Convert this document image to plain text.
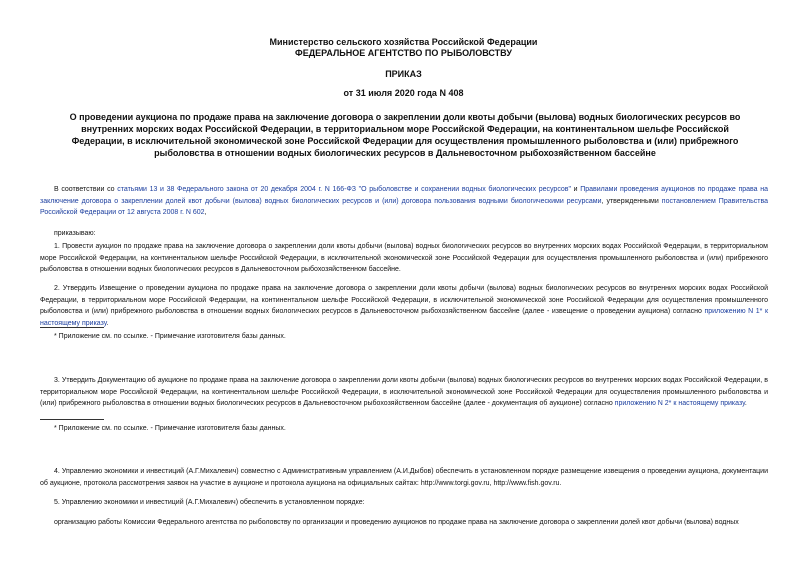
Министерство сельского хозяйства Российской Федерации
ФЕДЕРАЛЬНОЕ АГЕНТСТВО ПО РЫБОЛОВСТВУ
ПРИКАЗ
от 31 июля 2020 года N 408
О проведении аукциона по продаже права на заключение договора о закреплении доли квоты добычи (вылова) водных биологических ресурсов во внутренних морских водах Российской Федерации, в территориальном море Российской Федерации, на континентальном шельфе Российской Федерации, в исключительной экономической зоне Российской Федерации для осуществления промышленного рыболовства и (или) прибрежного рыболовства в отношении водных биологических ресурсов в Дальневосточном рыбохозяйственном бассейне
В соответствии со статьями 13 и 38 Федерального закона от 20 декабря 2004 г. N 166-ФЗ "О рыболовстве и сохранении водных биологических ресурсов" и Правилами проведения аукционов по продаже права на заключение договора о закреплении долей квот добычи (вылова) водных биологических ресурсов и (или) договора пользования водными биологическими ресурсами, утвержденными постановлением Правительства Российской Федерации от 12 августа 2008 г. N 602,
приказываю:
1. Провести аукцион по продаже права на заключение договора о закреплении доли квоты добычи (вылова) водных биологических ресурсов во внутренних морских водах Российской Федерации, в территориальном море Российской Федерации, на континентальном шельфе Российской Федерации, в исключительной экономической зоне Российской Федерации для осуществления промышленного рыболовства и (или) прибрежного рыболовства в отношении водных биологических ресурсов в Дальневосточном рыбохозяйственном бассейне.
2. Утвердить Извещение о проведении аукциона по продаже права на заключение договора о закреплении доли квоты добычи (вылова) водных биологических ресурсов во внутренних морских водах Российской Федерации, в территориальном море Российской Федерации, на континентальном шельфе Российской Федерации, в исключительной экономической зоне Российской Федерации для осуществления промышленного рыболовства и (или) прибрежного рыболовства в отношении водных биологических ресурсов в Дальневосточном рыбохозяйственном бассейне (далее - извещение о проведении аукциона) согласно приложению N 1* к настоящему приказу.
* Приложение см. по ссылке. - Примечание изготовителя базы данных.
3. Утвердить Документацию об аукционе по продаже права на заключение договора о закреплении доли квоты добычи (вылова) водных биологических ресурсов во внутренних морских водах Российской Федерации, в территориальном море Российской Федерации, на континентальном шельфе Российской Федерации, в исключительной экономической зоне Российской Федерации для осуществления промышленного рыболовства и (или) прибрежного рыболовства в отношении водных биологических ресурсов в Дальневосточном рыбохозяйственном бассейне (далее - документация об аукционе) согласно приложению N 2* к настоящему приказу.
* Приложение см. по ссылке. - Примечание изготовителя базы данных.
4. Управлению экономики и инвестиций (А.Г.Михалевич) совместно с Административным управлением (А.И.Дыбов) обеспечить в установленном порядке размещение извещения о проведении аукциона, документации об аукционе, протокола рассмотрения заявок на участие в аукционе и протокола аукциона на официальных сайтах: http://www.torgi.gov.ru, http://www.fish.gov.ru.
5. Управлению экономики и инвестиций (А.Г.Михалевич) обеспечить в установленном порядке:
организацию работы Комиссии Федерального агентства по рыболовству по организации и проведению аукционов по продаже права на заключение договора о закреплении долей квот добычи (вылова) водных
